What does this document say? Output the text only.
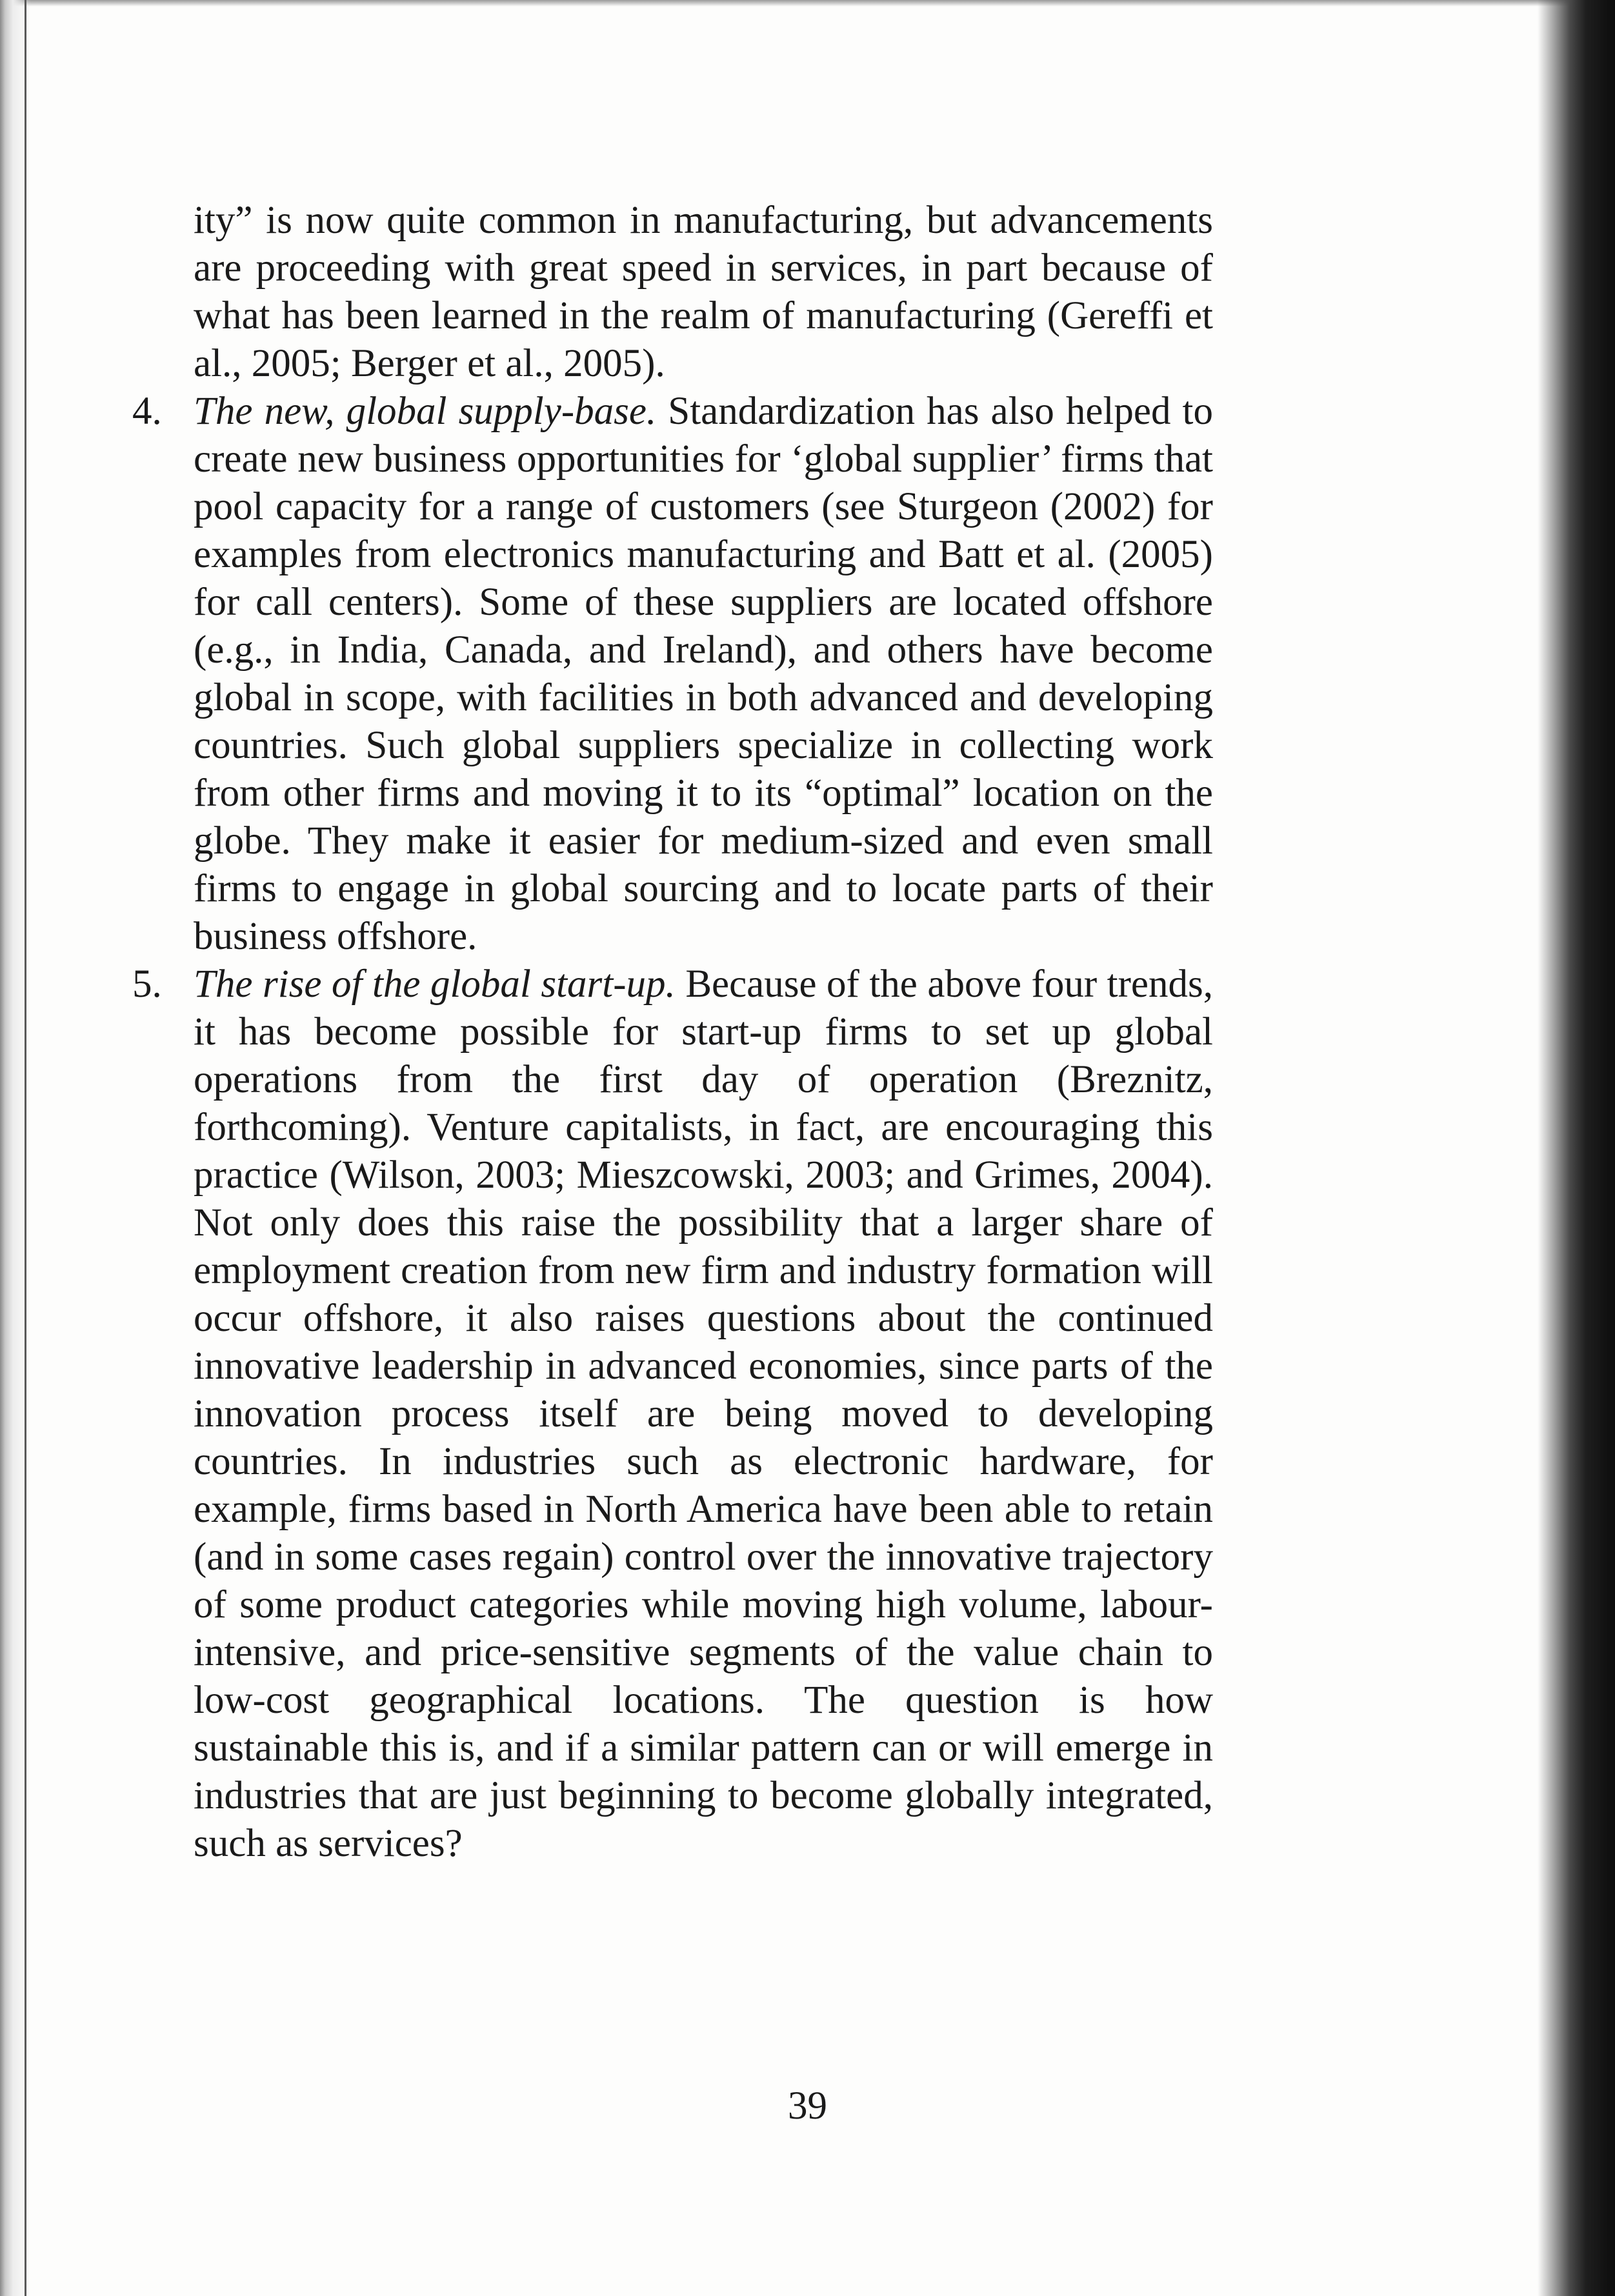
ity” is now quite common in manufacturing, but advancements are proceeding with great speed in services, in part because of what has been learned in the realm of manufacturing (Gereffi et al., 2005; Berger et al., 2005).

4. The new, global supply-base. Standardization has also helped to create new business opportunities for ‘global supplier’ firms that pool capacity for a range of customers (see Sturgeon (2002) for examples from electronics manufacturing and Batt et al. (2005) for call centers). Some of these suppliers are located offshore (e.g., in India, Canada, and Ireland), and others have become global in scope, with facilities in both advanced and developing countries. Such global suppliers specialize in collecting work from other firms and moving it to its “optimal” location on the globe. They make it easier for medium-sized and even small firms to engage in global sourcing and to locate parts of their business offshore.

5. The rise of the global start-up. Because of the above four trends, it has become possible for start-up firms to set up global operations from the first day of operation (Breznitz, forthcoming). Venture capitalists, in fact, are encouraging this practice (Wilson, 2003; Mieszcowski, 2003; and Grimes, 2004). Not only does this raise the possibility that a larger share of employment creation from new firm and industry formation will occur offshore, it also raises questions about the continued innovative leadership in advanced economies, since parts of the innovation process itself are being moved to developing countries. In industries such as electronic hardware, for example, firms based in North America have been able to retain (and in some cases regain) control over the innovative trajectory of some product categories while moving high volume, labour-intensive, and price-sensitive segments of the value chain to low-cost geographical locations. The question is how sustainable this is, and if a similar pattern can or will emerge in industries that are just beginning to become globally integrated, such as services?

39
